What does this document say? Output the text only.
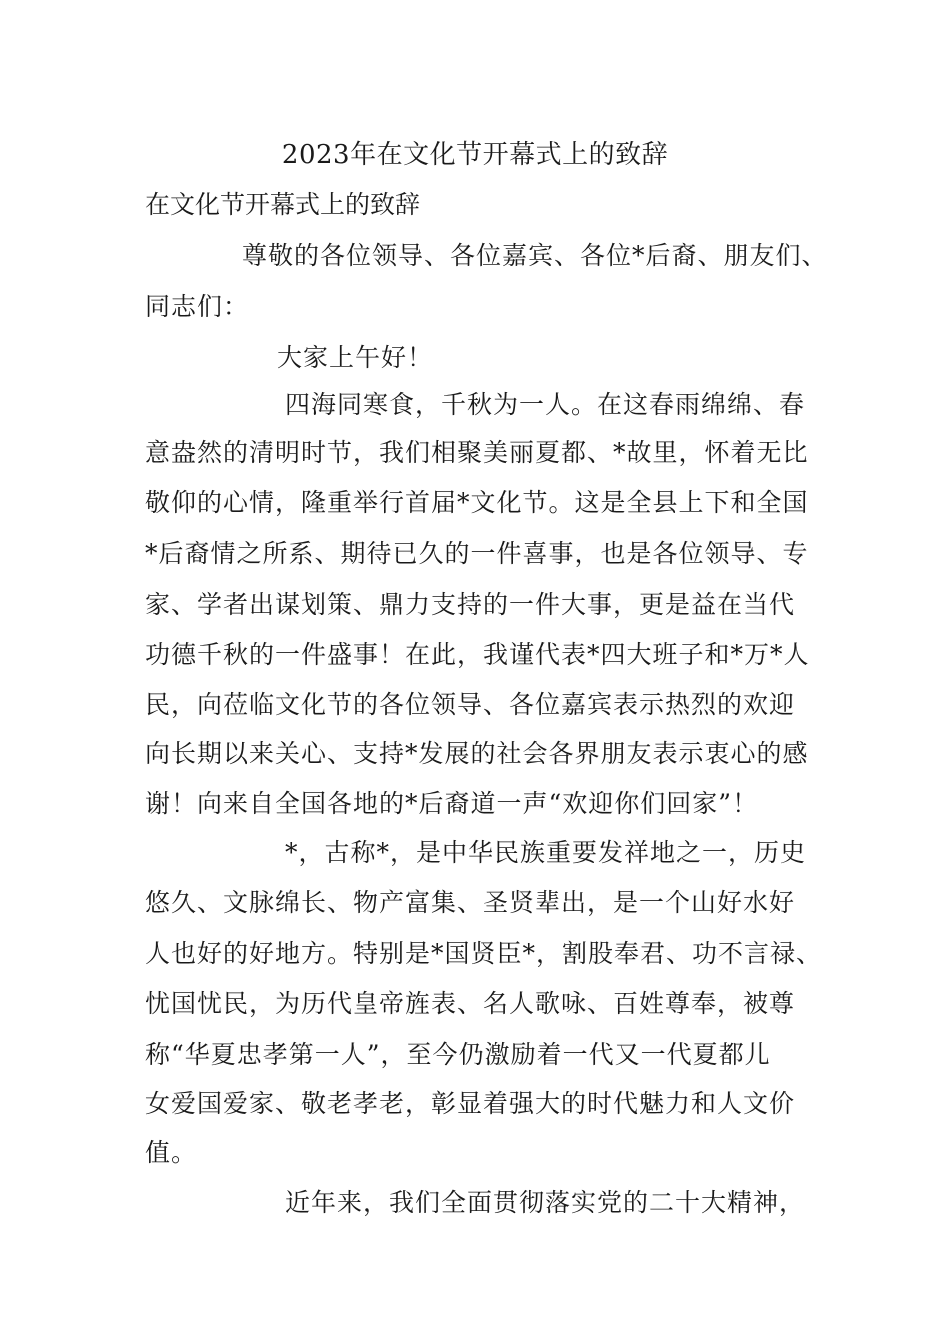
2023年在文化节开幕式上的致辞
在文化节开幕式上的致辞
尊敬的各位领导、各位嘉宾、各位*后裔、朋友们、
同志们：
大家上午好！
四海同寒食，千秋为一人。在这春雨绵绵、春
意盎然的清明时节，我们相聚美丽夏都、*故里，怀着无比
敬仰的心情，隆重举行首届*文化节。这是全县上下和全国
*后裔情之所系、期待已久的一件喜事，也是各位领导、专
家、学者出谋划策、鼎力支持的一件大事，更是益在当代
功德千秋的一件盛事！在此，我谨代表*四大班子和*万*人
民，向莅临文化节的各位领导、各位嘉宾表示热烈的欢迎
向长期以来关心、支持*发展的社会各界朋友表示衷心的感
谢！向来自全国各地的*后裔道一声“欢迎你们回家”！
*，古称*，是中华民族重要发祥地之一，历史
悠久、文脉绵长、物产富集、圣贤辈出，是一个山好水好
人也好的好地方。特别是*国贤臣*，割股奉君、功不言禄、
忧国忧民，为历代皇帝旌表、名人歌咏、百姓尊奉，被尊
称“华夏忠孝第一人”，至今仍激励着一代又一代夏都儿
女爱国爱家、敬老孝老，彰显着强大的时代魅力和人文价
值。
近年来，我们全面贯彻落实党的二十大精神，
